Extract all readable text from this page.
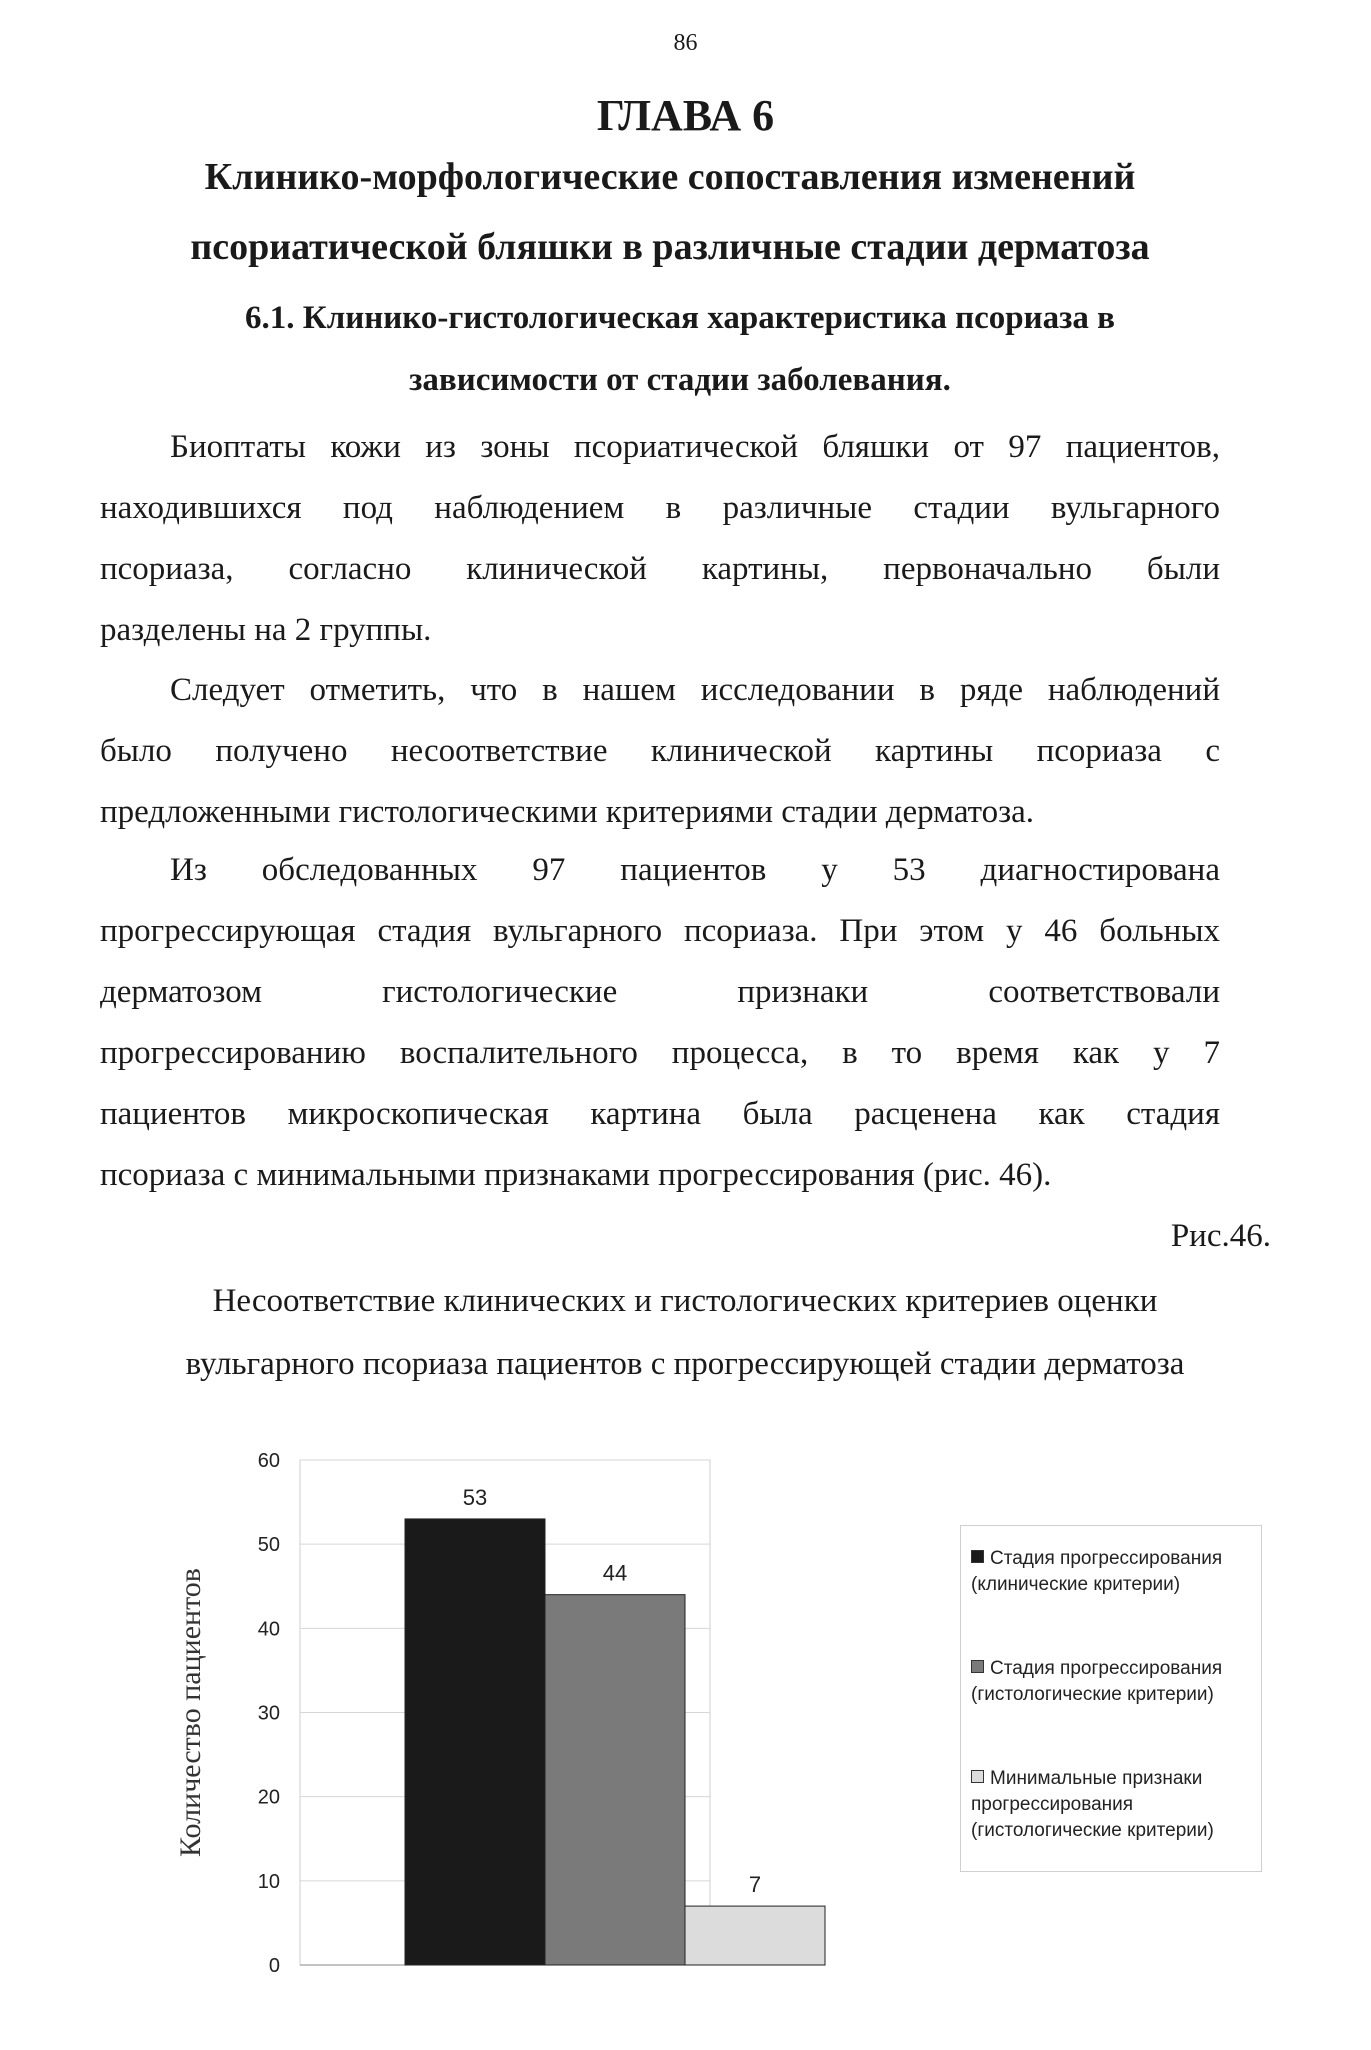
86
ГЛАВА 6
Клинико-морфологические сопоставления изменений
псориатической бляшки в различные стадии дерматоза
6.1. Клинико-гистологическая характеристика псориаза в
зависимости от стадии заболевания.
Биоптаты кожи из зоны псориатической бляшки от 97 пациентов,
находившихся под наблюдением в различные стадии вульгарного
псориаза, согласно клинической картины, первоначально были
разделены на 2 группы.
Следует отметить, что в нашем исследовании в ряде наблюдений
было получено несоответствие клинической картины псориаза с
предложенными гистологическими критериями стадии дерматоза.
Из обследованных 97 пациентов у 53 диагностирована
прогрессирующая стадия вульгарного псориаза. При этом у 46 больных
дерматозом гистологические признаки соответствовали
прогрессированию воспалительного процесса, в то время как у 7
пациентов микроскопическая картина была расценена как стадия
псориаза с минимальными признаками прогрессирования (рис. 46).
Рис.46.
Несоответствие клинических и гистологических критериев оценки
вульгарного псориаза пациентов с прогрессирующей стадии дерматоза
0
10
20
30
40
50
60
Количество пациентов
53
44
7
Стадия прогрессирования (клинические критерии)
Стадия прогрессирования (гистологические критерии)
Минимальные признаки прогрессирования (гистологические критерии)
